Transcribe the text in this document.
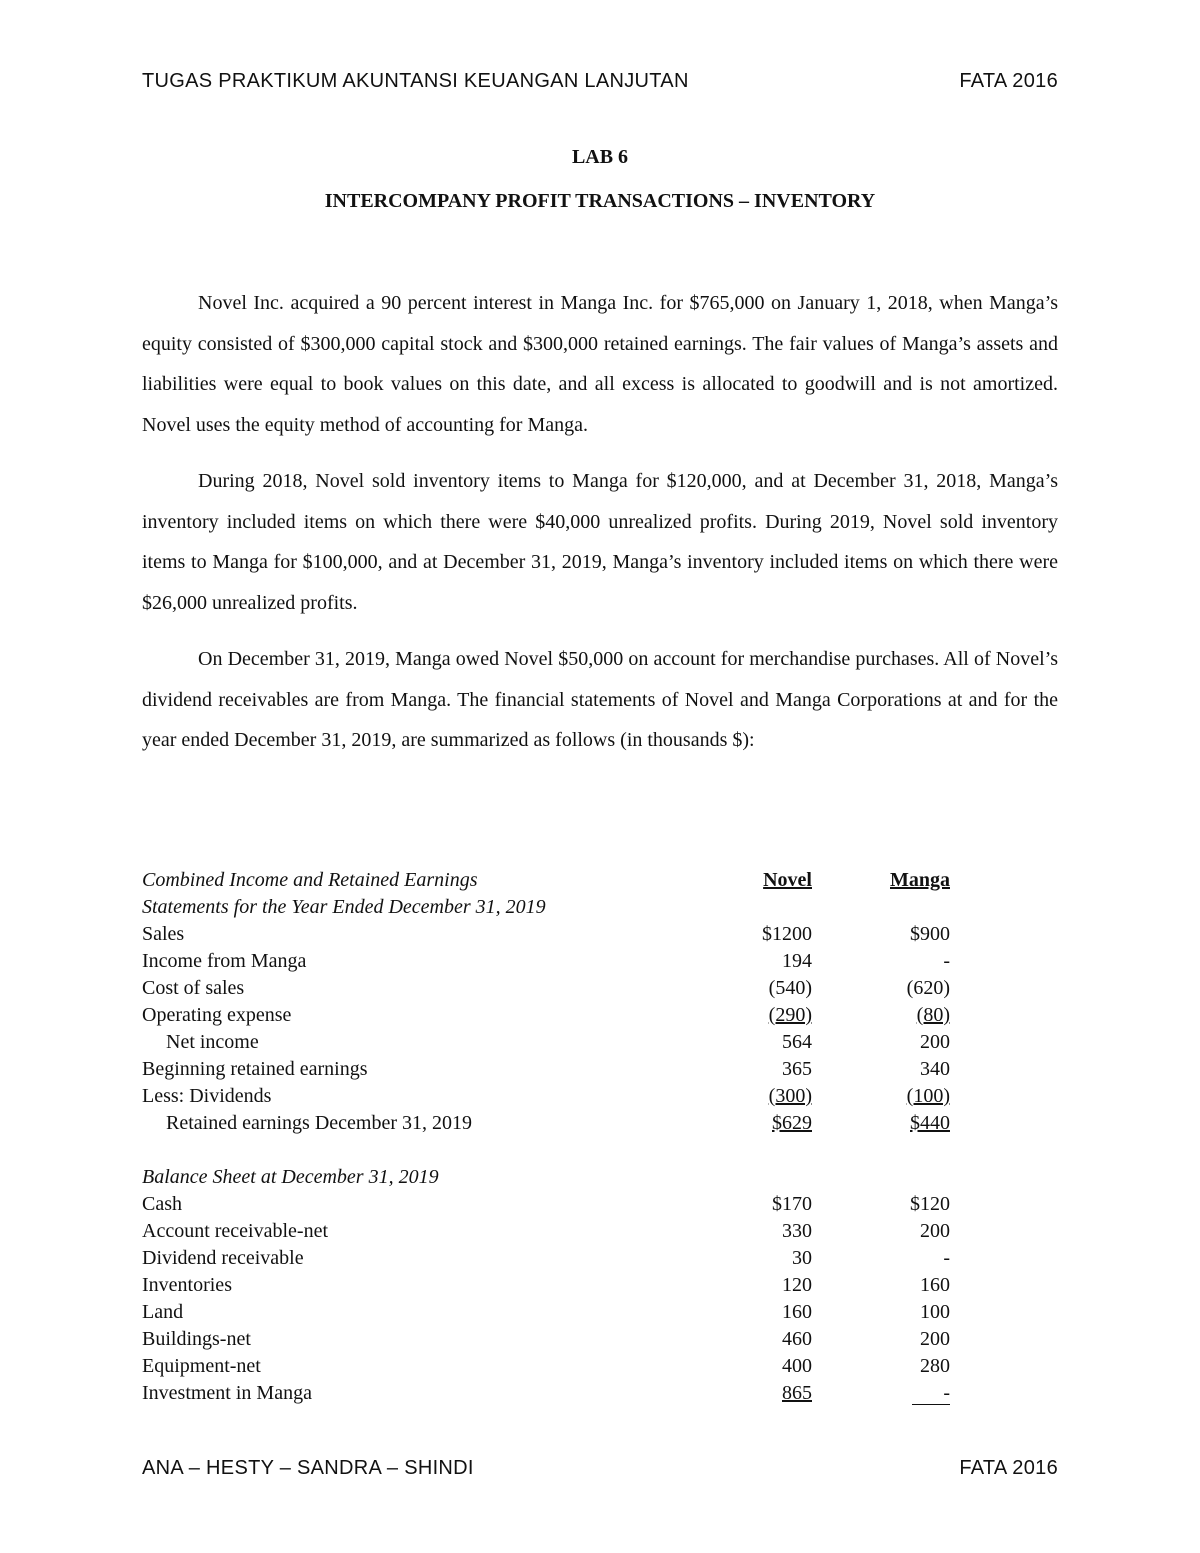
TUGAS PRAKTIKUM AKUNTANSI KEUANGAN LANJUTAN	FATA 2016
LAB 6
INTERCOMPANY PROFIT TRANSACTIONS – INVENTORY

Novel Inc. acquired a 90 percent interest in Manga Inc. for $765,000 on January 1, 2018, when Manga’s equity consisted of $300,000 capital stock and $300,000 retained earnings. The fair values of Manga’s assets and liabilities were equal to book values on this date, and all excess is allocated to goodwill and is not amortized. Novel uses the equity method of accounting for Manga.

During 2018, Novel sold inventory items to Manga for $120,000, and at December 31, 2018, Manga’s inventory included items on which there were $40,000 unrealized profits. During 2019, Novel sold inventory items to Manga for $100,000, and at December 31, 2019, Manga’s inventory included items on which there were $26,000 unrealized profits.

On December 31, 2019, Manga owed Novel $50,000 on account for merchandise purchases. All of Novel’s dividend receivables are from Manga. The financial statements of Novel and Manga Corporations at and for the year ended December 31, 2019, are summarized as follows (in thousands $):

Combined Income and Retained Earnings	Novel	Manga
Statements for the Year Ended December 31, 2019
Sales	$1200	$900
Income from Manga	194	-
Cost of sales	(540)	(620)
Operating expense	(290)	(80)
Net income	564	200
Beginning retained earnings	365	340
Less: Dividends	(300)	(100)
Retained earnings December 31, 2019	$629	$440
Balance Sheet at December 31, 2019
Cash	$170	$120
Account receivable-net	330	200
Dividend receivable	30	-
Inventories	120	160
Land	160	100
Buildings-net	460	200
Equipment-net	400	280
Investment in Manga	865	-
ANA – HESTY – SANDRA – SHINDI	FATA 2016
